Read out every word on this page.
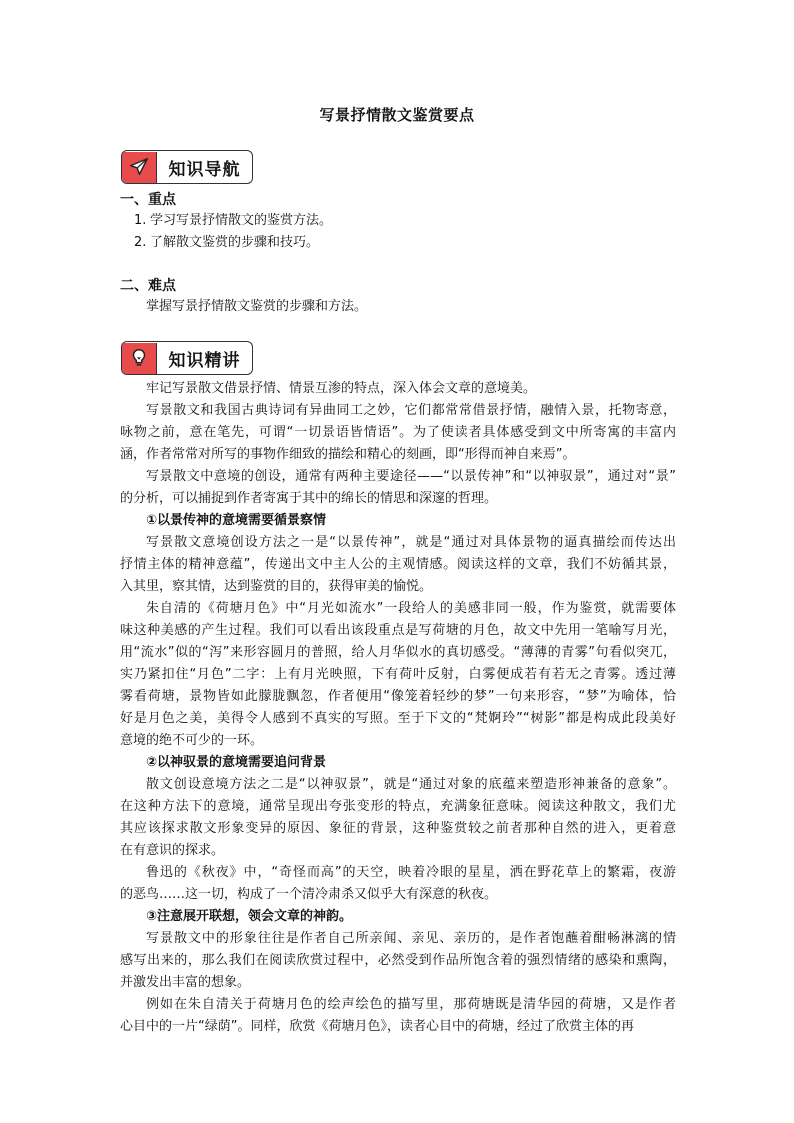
写景抒情散文鉴赏要点
知识导航
一、重点
1. 学习写景抒情散文的鉴赏方法。
2. 了解散文鉴赏的步骤和技巧。
二、难点
掌握写景抒情散文鉴赏的步骤和方法。
知识精讲
牢记写景散文借景抒情、情景互渗的特点，深入体会文章的意境美。
写景散文和我国古典诗词有异曲同工之妙，它们都常常借景抒情，融情入景，托物寄意，
咏物之前，意在笔先，可谓“一切景语皆情语”。为了使读者具体感受到文中所寄寓的丰富内
涵，作者常常对所写的事物作细致的描绘和精心的刻画，即“形得而神自来焉”。
写景散文中意境的创设，通常有两种主要途径——“以景传神”和“以神驭景”，通过对“景”
的分析，可以捕捉到作者寄寓于其中的绵长的情思和深邃的哲理。
①以景传神的意境需要循景察情
写景散文意境创设方法之一是“以景传神”，就是“通过对具体景物的逼真描绘而传达出
抒情主体的精神意蕴”，传递出文中主人公的主观情感。阅读这样的文章，我们不妨循其景，
入其里，察其情，达到鉴赏的目的，获得审美的愉悦。
朱自清的《荷塘月色》中“月光如流水”一段给人的美感非同一般，作为鉴赏，就需要体
味这种美感的产生过程。我们可以看出该段重点是写荷塘的月色，故文中先用一笔喻写月光，
用“流水”似的“泻”来形容圆月的普照，给人月华似水的真切感受。“薄薄的青雾”句看似突兀，
实乃紧扣住“月色”二字：上有月光映照，下有荷叶反射，白雾便成若有若无之青雾。透过薄
雾看荷塘，景物皆如此朦胧飘忽，作者便用“像笼着轻纱的梦”一句来形容，“梦”为喻体，恰
好是月色之美，美得令人感到不真实的写照。至于下文的“梵婀玲”“树影”都是构成此段美好
意境的绝不可少的一环。
②以神驭景的意境需要追问背景
散文创设意境方法之二是“以神驭景”，就是“通过对象的底蕴来塑造形神兼备的意象”。
在这种方法下的意境，通常呈现出夸张变形的特点，充满象征意味。阅读这种散文，我们尤
其应该探求散文形象变异的原因、象征的背景，这种鉴赏较之前者那种自然的进入，更着意
在有意识的探求。
鲁迅的《秋夜》中，“奇怪而高”的天空，映着冷眼的星星，洒在野花草上的繁霜，夜游
的恶鸟……这一切，构成了一个清冷肃杀又似乎大有深意的秋夜。
③注意展开联想，领会文章的神韵。
写景散文中的形象往往是作者自己所亲闻、亲见、亲历的，是作者饱蘸着酣畅淋漓的情
感写出来的，那么我们在阅读欣赏过程中，必然受到作品所饱含着的强烈情绪的感染和熏陶，
并激发出丰富的想象。
例如在朱自清关于荷塘月色的绘声绘色的描写里，那荷塘既是清华园的荷塘，又是作者
心目中的一片“绿荫”。同样，欣赏《荷塘月色》，读者心目中的荷塘，经过了欣赏主体的再
